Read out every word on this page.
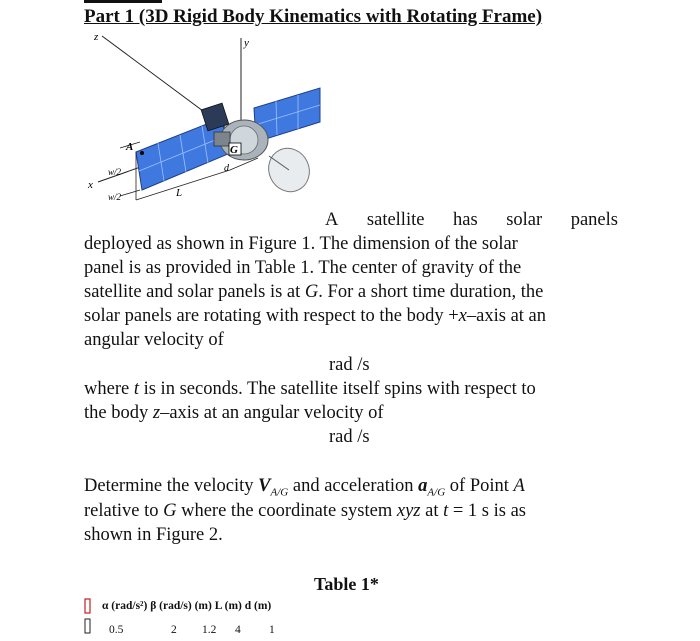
Part 1 (3D Rigid Body Kinematics with Rotating Frame)
z	y
x
A	G
d
L
w/2
w/2
A satellite has solar panels
deployed as shown in Figure 1. The dimension of the solar
panel is as provided in Table 1. The center of gravity of the
satellite and solar panels is at G. For a short time duration, the
solar panels are rotating with respect to the body +x–axis at an
angular velocity of
rad /s
where t is in seconds. The satellite itself spins with respect to
the body z–axis at an angular velocity of
rad /s
Determine the velocity $V_{A/G}$ and acceleration $a_{A/G}$ of Point A
relative to G where the coordinate system xyz at t = 1 s is as
shown in Figure 2.
Table 1*
α (rad/s²) β (rad/s) (m) L (m) d (m)
0.5	2 1.2 4 1
